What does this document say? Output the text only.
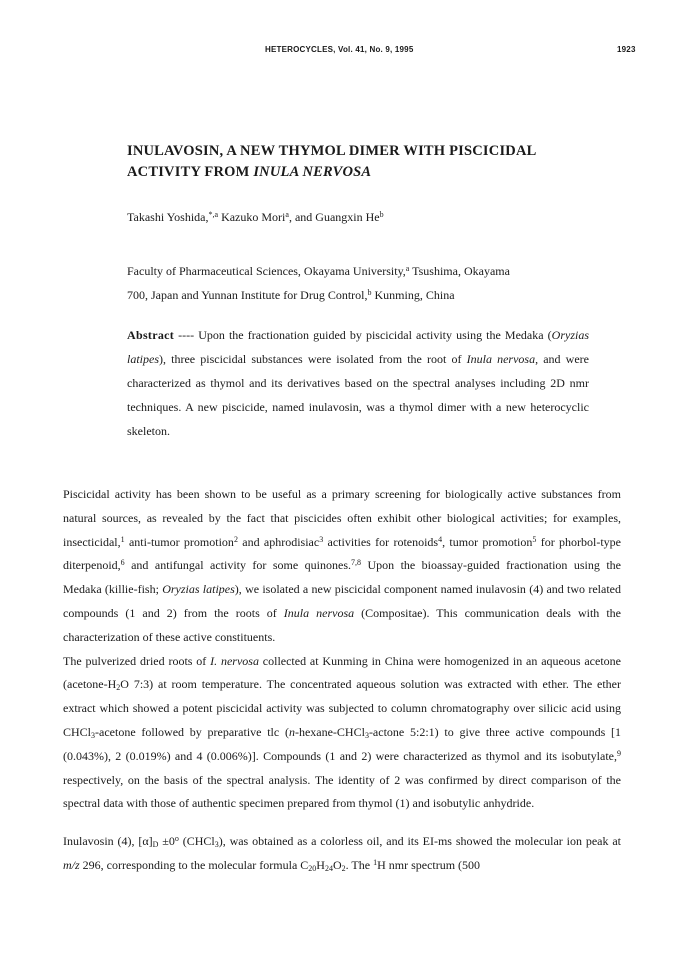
HETEROCYCLES, Vol. 41, No. 9, 1995	1923
INULAVOSIN, A NEW THYMOL DIMER WITH PISCICIDAL
ACTIVITY FROM INULA NERVOSA
Takashi Yoshida,$^{*,a}$ Kazuko Mori$^a$, and Guangxin He$^b$
Faculty of Pharmaceutical Sciences, Okayama University,$^a$ Tsushima, Okayama
700, Japan and Yunnan Institute for Drug Control,$^b$ Kunming, China
Abstract ---- Upon the fractionation guided by piscicidal activity using the Medaka (Oryzias latipes), three piscicidal substances were isolated from the root of Inula nervosa, and were characterized as thymol and its derivatives based on the spectral analyses including 2D nmr techniques. A new piscicide, named inulavosin, was a thymol dimer with a new heterocyclic skeleton.

Piscicidal activity has been shown to be useful as a primary screening for biologically active substances from natural sources, as revealed by the fact that piscicides often exhibit other biological activities; for examples, insecticidal,$^1$ anti-tumor promotion$^2$ and aphrodisiac$^3$ activities for rotenoids$^4$, tumor promotion$^5$ for phorbol-type diterpenoid,$^6$ and antifungal activity for some quinones.$^{7,8}$ Upon the bioassay-guided fractionation using the Medaka (killie-fish; Oryzias latipes), we isolated a new piscicidal component named inulavosin (4) and two related compounds (1 and 2) from the roots of Inula nervosa (Compositae). This communication deals with the characterization of these active constituents.

The pulverized dried roots of I. nervosa collected at Kunming in China were homogenized in an aqueous acetone ($acetone-H_2O$ 7:3) at room temperature. The concentrated aqueous solution was extracted with ether. The ether extract which showed a potent piscicidal activity was subjected to column chromatography over silicic acid using CHCl$_3$-acetone followed by preparative tlc (n-hexane-CHCl$_3$-actone 5:2:1) to give three active compounds [1 (0.043%), 2 (0.019%) and 4 (0.006%)]. Compounds (1 and 2) were characterized as thymol and its isobutylate,$^9$ respectively, on the basis of the spectral analysis. The identity of 2 was confirmed by direct comparison of the spectral data with those of authentic specimen prepared from thymol (1) and isobutylic anhydride.

Inulavosin (4), $[\alpha]_D \pm 0^o$ (CHCl$_3$), was obtained as a colorless oil, and its EI-ms showed the molecular ion peak at m/z 296, corresponding to the molecular formula $C_{20}H_{24}O_2$. The $^1$H nmr spectrum (500
